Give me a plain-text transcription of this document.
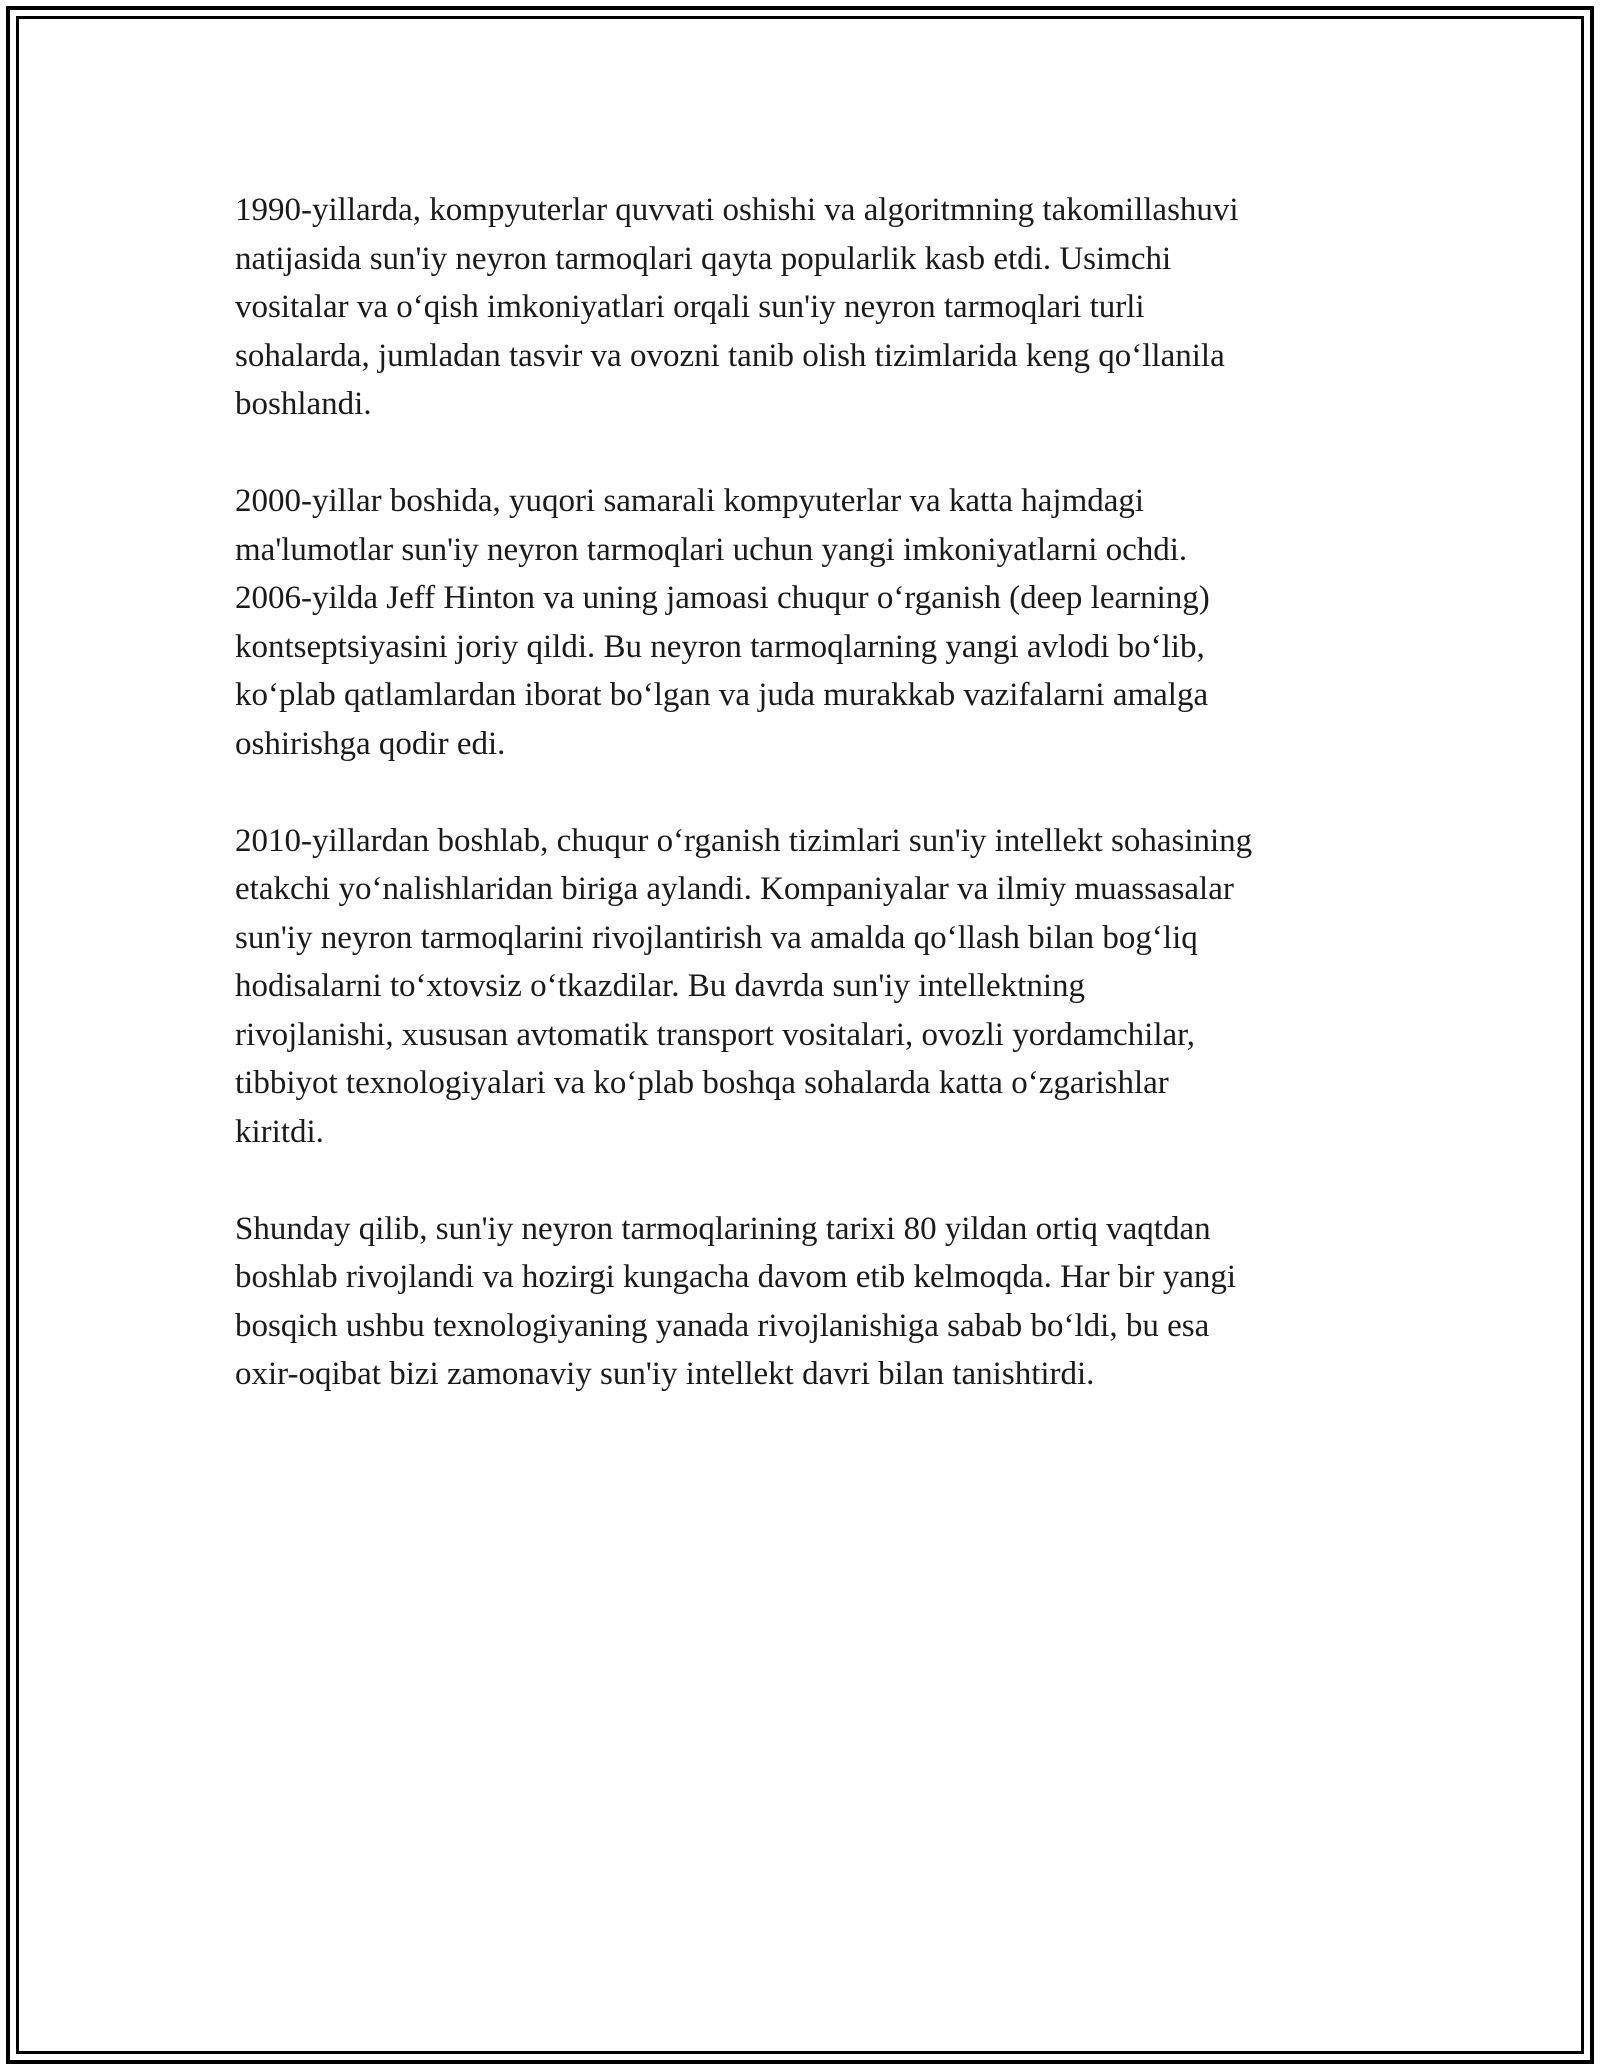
1990-yillarda, kompyuterlar quvvati oshishi va algoritmning takomillashuvi
natijasida sun'iy neyron tarmoqlari qayta popularlik kasb etdi. Usimchi
vositalar va o‘qish imkoniyatlari orqali sun'iy neyron tarmoqlari turli
sohalarda, jumladan tasvir va ovozni tanib olish tizimlarida keng qo‘llanila
boshlandi.
2000-yillar boshida, yuqori samarali kompyuterlar va katta hajmdagi
ma'lumotlar sun'iy neyron tarmoqlari uchun yangi imkoniyatlarni ochdi.
2006-yilda Jeff Hinton va uning jamoasi chuqur o‘rganish (deep learning)
kontseptsiyasini joriy qildi. Bu neyron tarmoqlarning yangi avlodi bo‘lib,
ko‘plab qatlamlardan iborat bo‘lgan va juda murakkab vazifalarni amalga
oshirishga qodir edi.
2010-yillardan boshlab, chuqur o‘rganish tizimlari sun'iy intellekt sohasining
etakchi yo‘nalishlaridan biriga aylandi. Kompaniyalar va ilmiy muassasalar
sun'iy neyron tarmoqlarini rivojlantirish va amalda qo‘llash bilan bog‘liq
hodisalarni to‘xtovsiz o‘tkazdilar. Bu davrda sun'iy intellektning
rivojlanishi, xususan avtomatik transport vositalari, ovozli yordamchilar,
tibbiyot texnologiyalari va ko‘plab boshqa sohalarda katta o‘zgarishlar
kiritdi.
Shunday qilib, sun'iy neyron tarmoqlarining tarixi 80 yildan ortiq vaqtdan
boshlab rivojlandi va hozirgi kungacha davom etib kelmoqda. Har bir yangi
bosqich ushbu texnologiyaning yanada rivojlanishiga sabab bo‘ldi, bu esa
oxir-oqibat bizi zamonaviy sun'iy intellekt davri bilan tanishtirdi.
